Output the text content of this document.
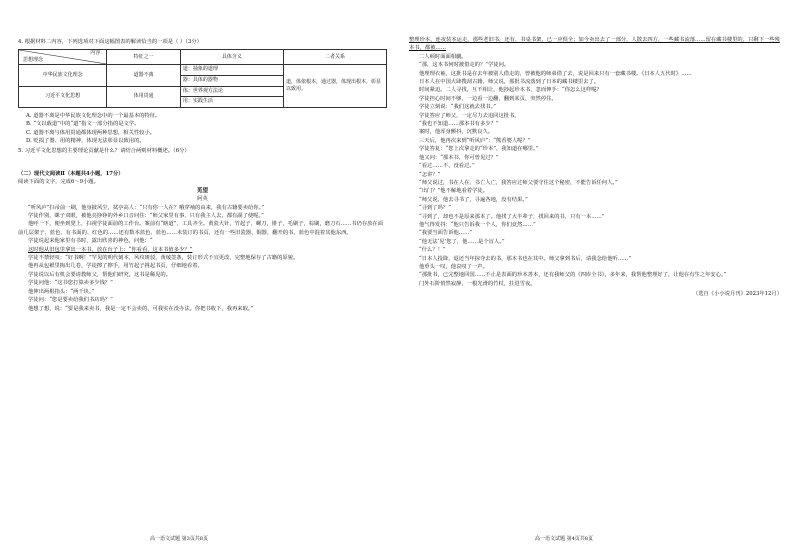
4. 根据材料二内容，下列选项对下面这幅图表的解读恰当的一项是（ ）（3分）

内容
思想理念	特征之一	具体含义	二者关系
中华民族文化理念	道器不离	道：抽象的道理	道，体依根本，通过器，体现出根本，彰显以致用。
		器：具体的器物	
习近平文化思想	体用贯通	体：世界观方法论	
		用：实践生活	

A. 道器不离是中华民族文化理念中的一个最基本的特征。

B. “文以载道”中的“道”指文一部分指的是文学。

C. 道器不离与体用贯通都体现两种思想，相关性较小。

D. 贬损了器、用的精神，体现无法彰显以致用的。

5. 习近平文化思想的主要理论贡献是什么？请结合两则材料概述。（6分）

（二）现代文阅读Ⅱ（本题共4小题，17分）

阅读下面的文字，完成6～9小题。

觅望

阿英

“听风庐”扫帚前一刷，他身披风尘，拭亭高人：“只有你一人在？哦穿袖的由来，我有古籍要卖给你。”

学徒作别，眯子双眼，被他亮铮铮的外乡口音问住：“师父家里有事，只有我主人去，都有副了使呢。”

他呼一下，便坐到凳上，扫视学徒面前的工作台。案前有“瞎道”，工具齐全。黄瓷大针，竹起子，螺刀，锥子，毛刷子，棕刷，磨刀石……书仍存放在面前几层架子、蓝色，有书面的、红色的……还有数本蓝色、蓝色……未装订的书页，还有一些旧瓷器、铜器，翻开的书，蓝色中混着其他东西。

学徒说起来他家里有书时，露出欣喜的神色，问他：“

这时他从旧包里拿出一本书，放在台子上：“你看看，这本书值多少？”

学徒不禁轻叹：“好书啊！”罕见的明代刻本，风纹斑驳，黄绫签条，装订形式不宜更改，完整地保存了古籍的原貌。

他再从包袱里掏出几卷，学徒擦了擦手，用竹起子挑起书页，仔细地看着。

学徒说以后有机会要请教师父，帮他们研究，这书是稀见的。

学徒问他：“这书您打算卖多少钱？”

他伸出两根指头：“两千块。”

学徒问：“您是要卖给我们书店吗？”

他想了想，说：“要是我来卖书，我是一定不会卖的，可我实在没办法。你把书收下，我再来取。”

高一语文试题 第3页共8页

整理珍本，连夜装本运走，那些老旧书，还有，书桌书架，已一应俱全；如今卖出去了一部分，人散去四方，一些藏书流落……留在藏书楼里的，只剩下一些残本书，都被……

二人顿时面面相觑。

“那，这本书何时被借走的？”学徒问。

他理理衣袖，这批书是在去年被别人借走的，曾被他的师弟借了去，说是回来只有一套藏书楼。《日本人五代时》……

日本人在中国大肆搜刮古籍，师父说，那批书流落到了日本的藏书楼里去了。

时间紧迫。二人寻找，互不相让，他抄起珍本书，忽而伸手：“你怎么这样呢？

学徒担心时间不够，一边看一边翻，翻到某页，突然停住。

学徒立刻说：“我们这就去找书。”

学徒答应了师父，一定尽力去追回这批书。

“我也不知道……那本书有多少？”

案时，他浑身颤抖，沉默良久。

三天后，他再次来到“听风庐”：“熊香婆人呢？”

学徒答复：“您上次拿走的“珍本”，我知道在哪里。”

他又问：“那本书，你可曾见过？”

“看过……不，没看过。”

“怎讲？”

“师父说过，书在人在，书亡人亡，我答应过师父要守住这个秘密，不能告诉任何人。”

“出门？”他不解地看着学徒。

“师父说，他去寻书了，寻遍各地，没有结果。”

“寻到了吗？”

“寻到了，却也不是原来那本了。他找了大半辈子，找回来的书，只有一本……”

他气得发抖：“他只告诉我一个人，你们竟然……”

“我要当面告诉他……”

“他无法‘见’您了，他……是个盲人。”

“什么？！”

“日本人投降，退还当年掠夺去的书，那本书也在其中。师父拿到书后，请我念给他听……”

他垂头一叹，他哀叹了一声。

“那批书，已完整地回国……不止是表面的珍本善本，还有我师父的《四库全书》，多年来，我帮他整理好了，让他在有生之年安心。”

门外石阶悄然寂静，一根光滑的竹杖，拄进雪夜。

（选自《小小说月刊》2023年12月）

高一语文试题 第4页共8页
